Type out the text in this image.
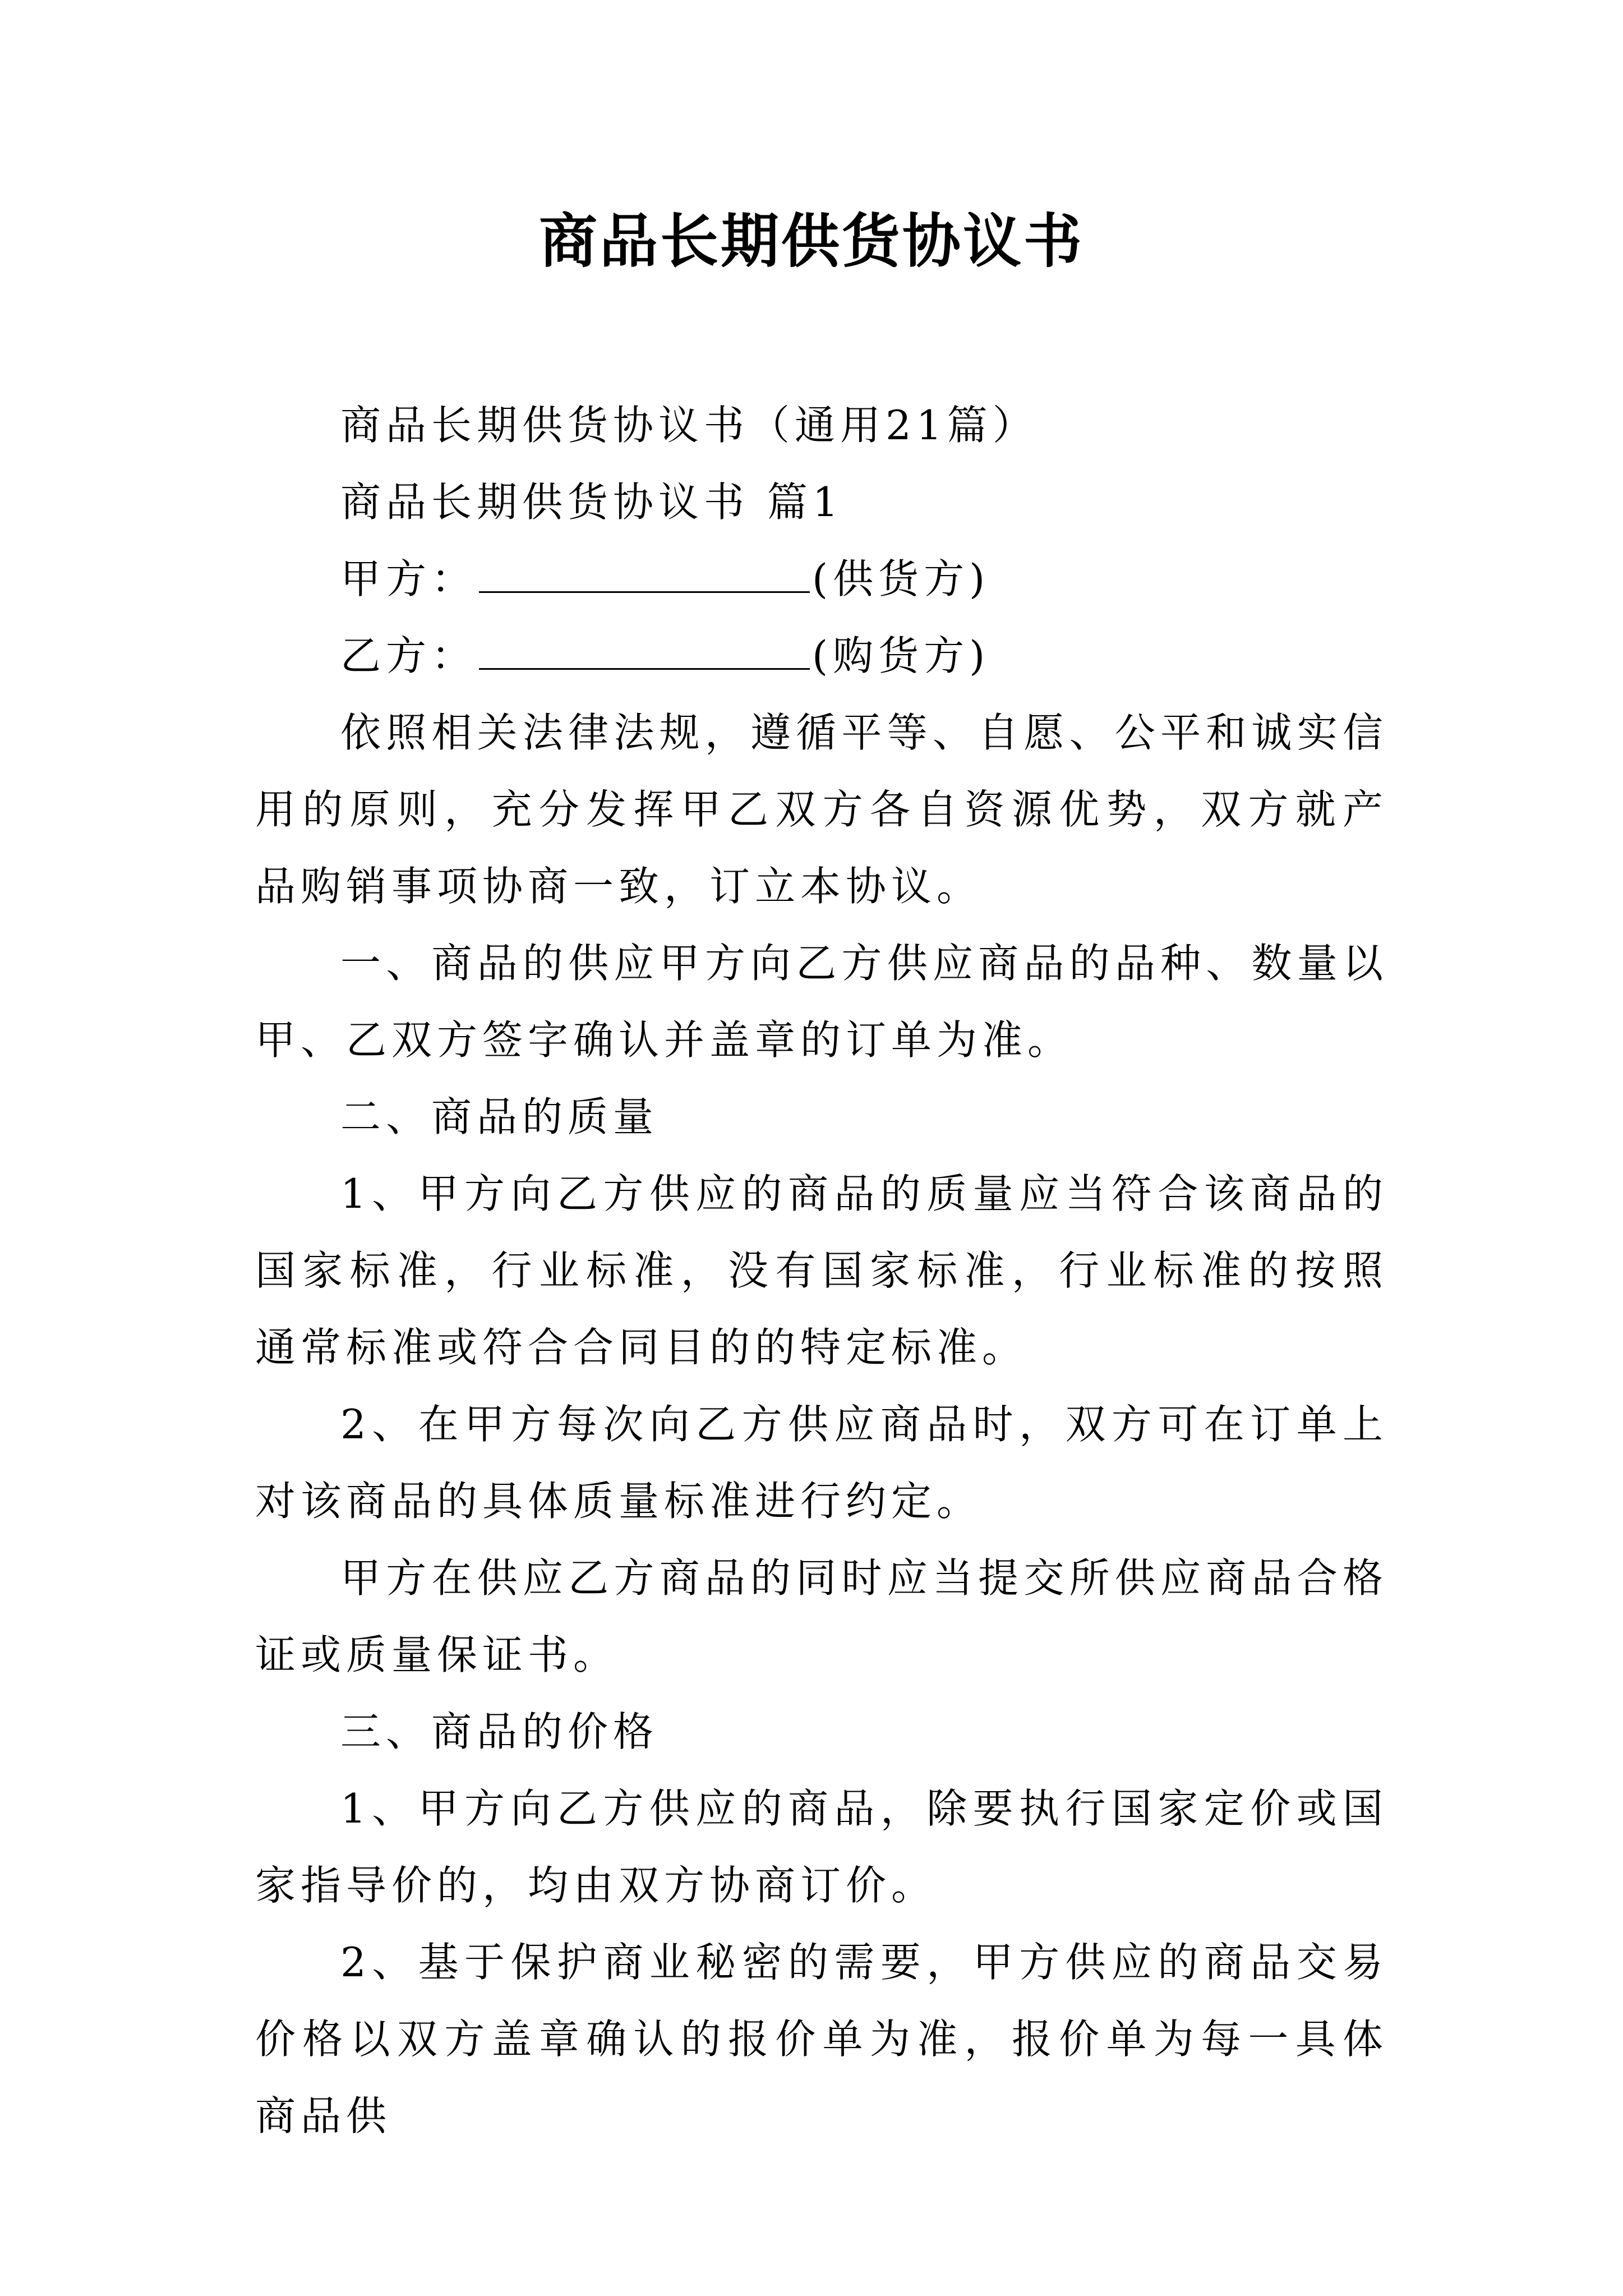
商品长期供货协议书

商品长期供货协议书（通用21篇）

商品长期供货协议书 篇1

甲方：	(供货方)

乙方：	(购货方)

依照相关法律法规，遵循平等、自愿、公平和诚实信用的原则，充分发挥甲乙双方各自资源优势，双方就产品购销事项协商一致，订立本协议。

一、商品的供应甲方向乙方供应商品的品种、数量以甲、乙双方签字确认并盖章的订单为准。

二、商品的质量

1、甲方向乙方供应的商品的质量应当符合该商品的国家标准，行业标准，没有国家标准，行业标准的按照通常标准或符合合同目的的特定标准。

2、在甲方每次向乙方供应商品时，双方可在订单上对该商品的具体质量标准进行约定。

甲方在供应乙方商品的同时应当提交所供应商品合格证或质量保证书。

三、商品的价格

1、甲方向乙方供应的商品，除要执行国家定价或国家指导价的，均由双方协商订价。

2、基于保护商业秘密的需要，甲方供应的商品交易价格以双方盖章确认的报价单为准，报价单为每一具体商品供
